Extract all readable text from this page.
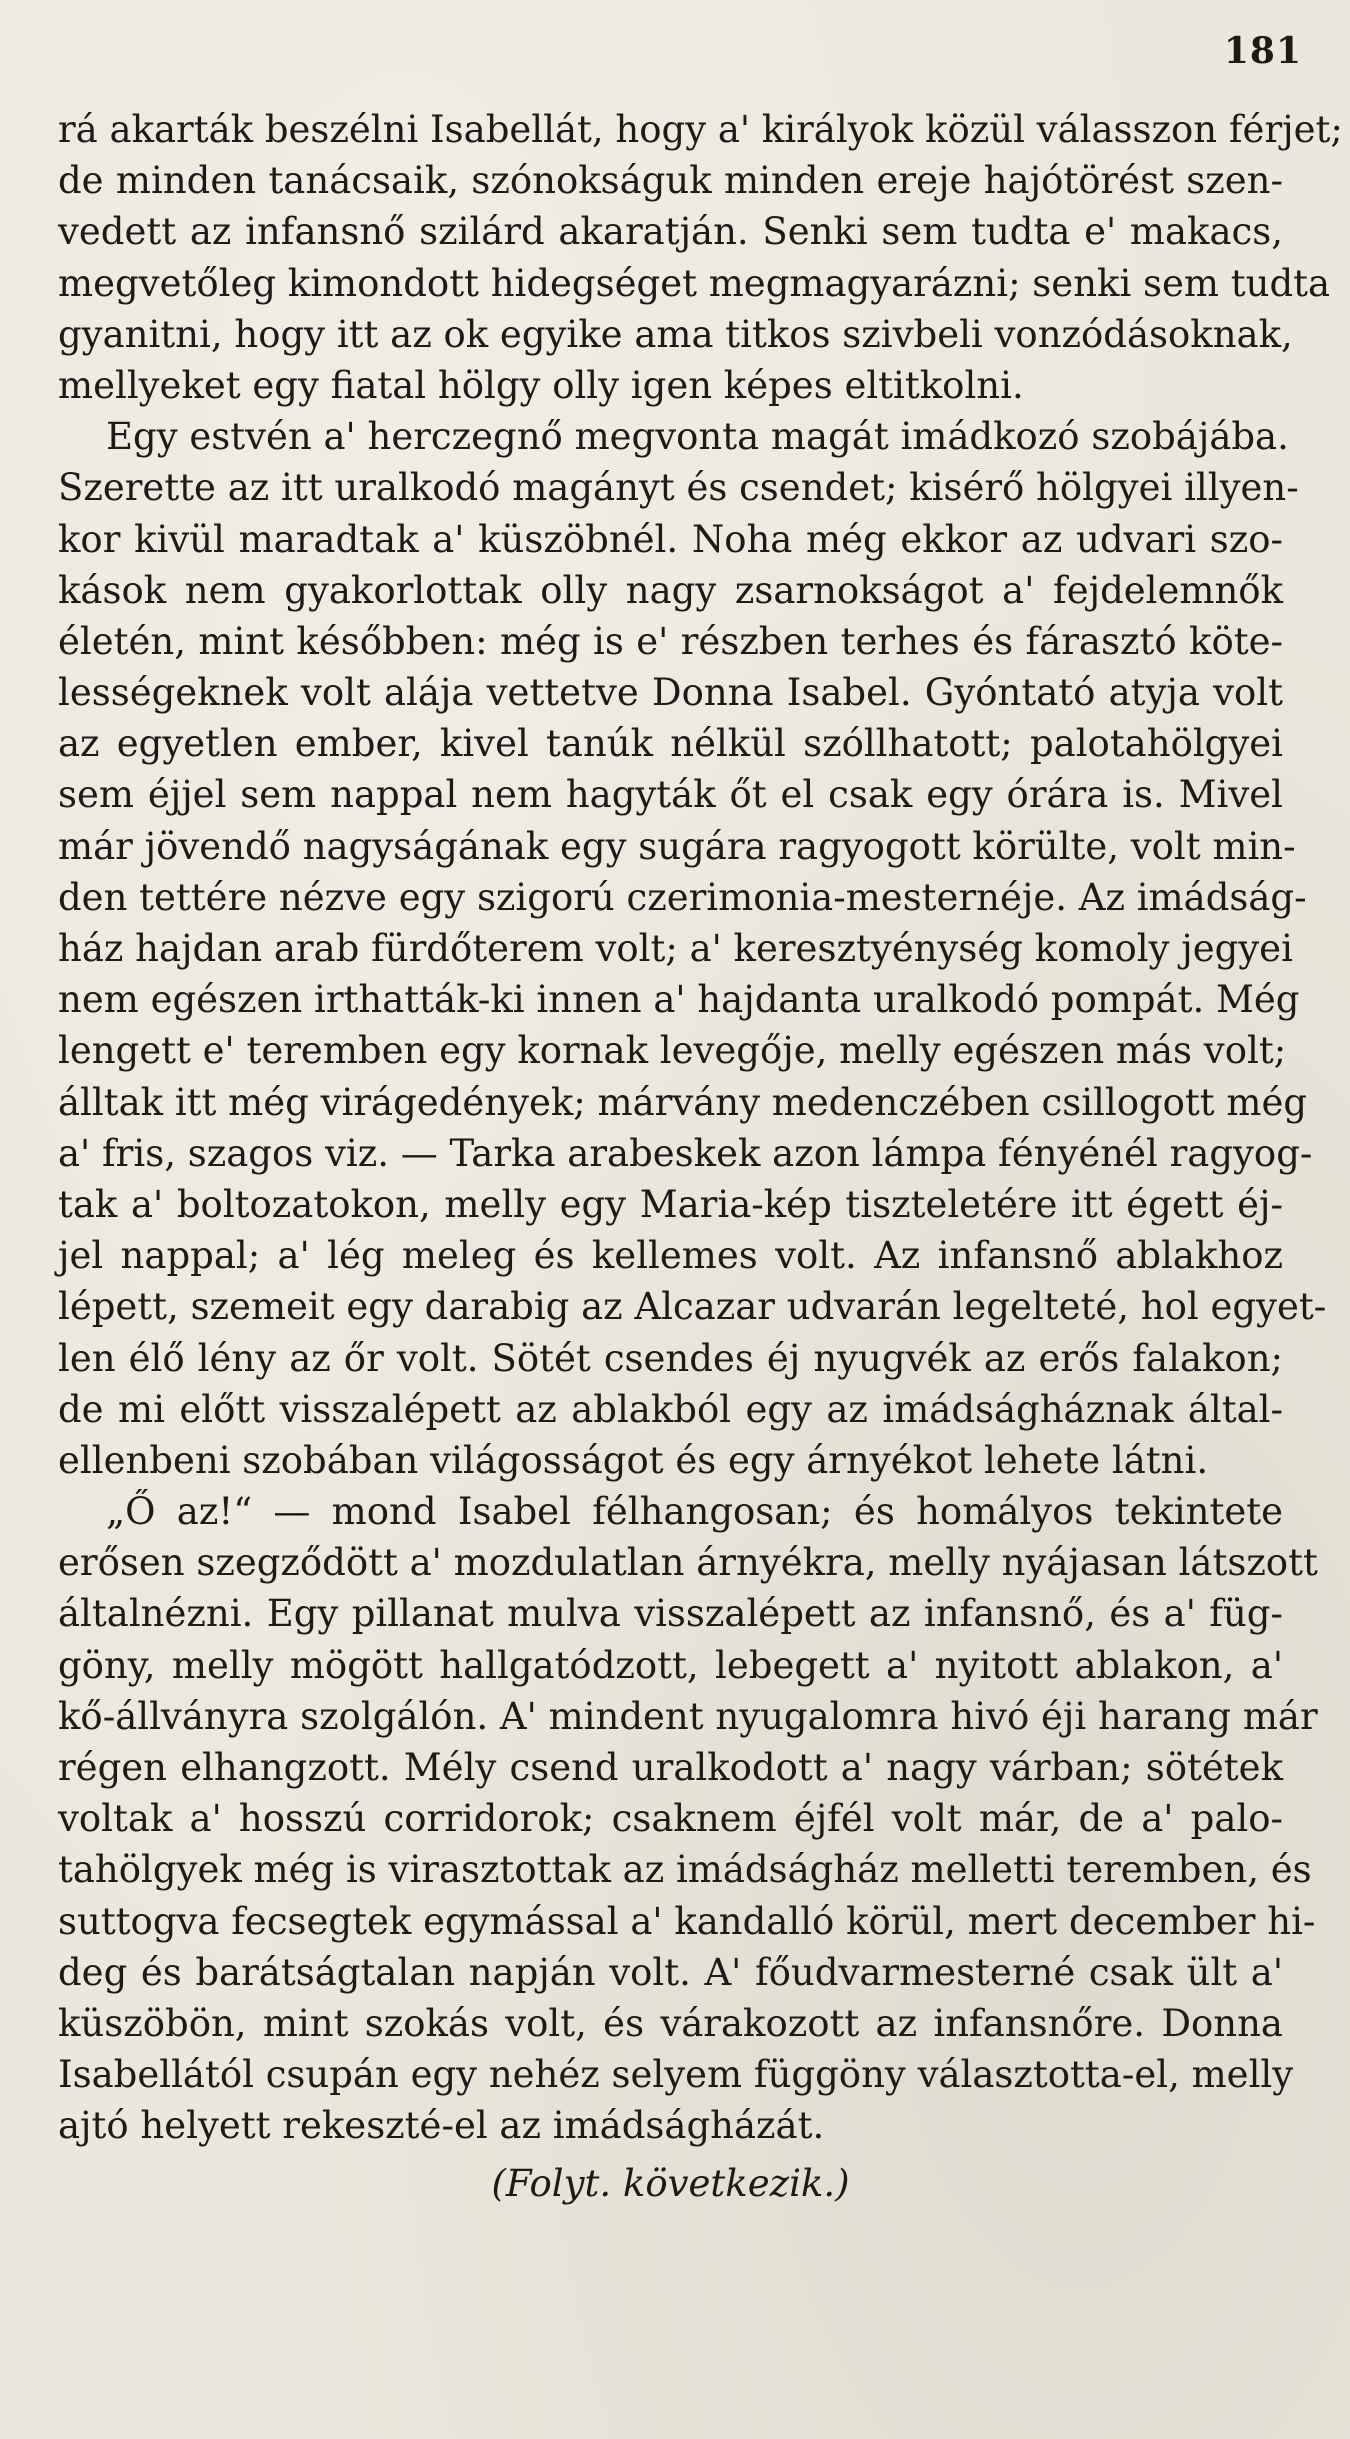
181
rá akarták beszélni Isabellát, hogy a' királyok közül válasszon férjet;
de minden tanácsaik, szónokságuk minden ereje hajótörést szen-
vedett az infansnő szilárd akaratján. Senki sem tudta e' makacs,
megvetőleg kimondott hidegséget megmagyarázni; senki sem tudta
gyanitni, hogy itt az ok egyike ama titkos szivbeli vonzódásoknak,
mellyeket egy fiatal hölgy olly igen képes eltitkolni.
Egy estvén a' herczegnő megvonta magát imádkozó szobájába.
Szerette az itt uralkodó magányt és csendet; kisérő hölgyei illyen-
kor kivül maradtak a' küszöbnél. Noha még ekkor az udvari szo-
kások nem gyakorlottak olly nagy zsarnokságot a' fejdelemnők
életén, mint későbben: még is e' részben terhes és fárasztó köte-
lességeknek volt alája vettetve Donna Isabel. Gyóntató atyja volt
az egyetlen ember, kivel tanúk nélkül szóllhatott; palotahölgyei
sem éjjel sem nappal nem hagyták őt el csak egy órára is. Mivel
már jövendő nagyságának egy sugára ragyogott körülte, volt min-
den tettére nézve egy szigorú czerimonia-mesternéje. Az imádság-
ház hajdan arab fürdőterem volt; a' keresztyénység komoly jegyei
nem egészen irthatták-ki innen a' hajdanta uralkodó pompát. Még
lengett e' teremben egy kornak levegője, melly egészen más volt;
álltak itt még virágedények; márvány medenczében csillogott még
a' fris, szagos viz. — Tarka arabeskek azon lámpa fényénél ragyog-
tak a' boltozatokon, melly egy Maria-kép tiszteletére itt égett éj-
jel nappal; a' lég meleg és kellemes volt. Az infansnő ablakhoz
lépett, szemeit egy darabig az Alcazar udvarán legelteté, hol egyet-
len élő lény az őr volt. Sötét csendes éj nyugvék az erős falakon;
de mi előtt visszalépett az ablakból egy az imádságháznak által-
ellenbeni szobában világosságot és egy árnyékot lehete látni.
„Ő az!“ — mond Isabel félhangosan; és homályos tekintete
erősen szegződött a' mozdulatlan árnyékra, melly nyájasan látszott
általnézni. Egy pillanat mulva visszalépett az infansnő, és a' füg-
göny, melly mögött hallgatódzott, lebegett a' nyitott ablakon, a'
kő-állványra szolgálón. A' mindent nyugalomra hivó éji harang már
régen elhangzott. Mély csend uralkodott a' nagy várban; sötétek
voltak a' hosszú corridorok; csaknem éjfél volt már, de a' palo-
tahölgyek még is virasztottak az imádságház melletti teremben, és
suttogva fecsegtek egymással a' kandalló körül, mert december hi-
deg és barátságtalan napján volt. A' főudvarmesterné csak ült a'
küszöbön, mint szokás volt, és várakozott az infansnőre. Donna
Isabellától csupán egy nehéz selyem függöny választotta-el, melly
ajtó helyett rekeszté-el az imádságházát.
(Folyt. következik.)
